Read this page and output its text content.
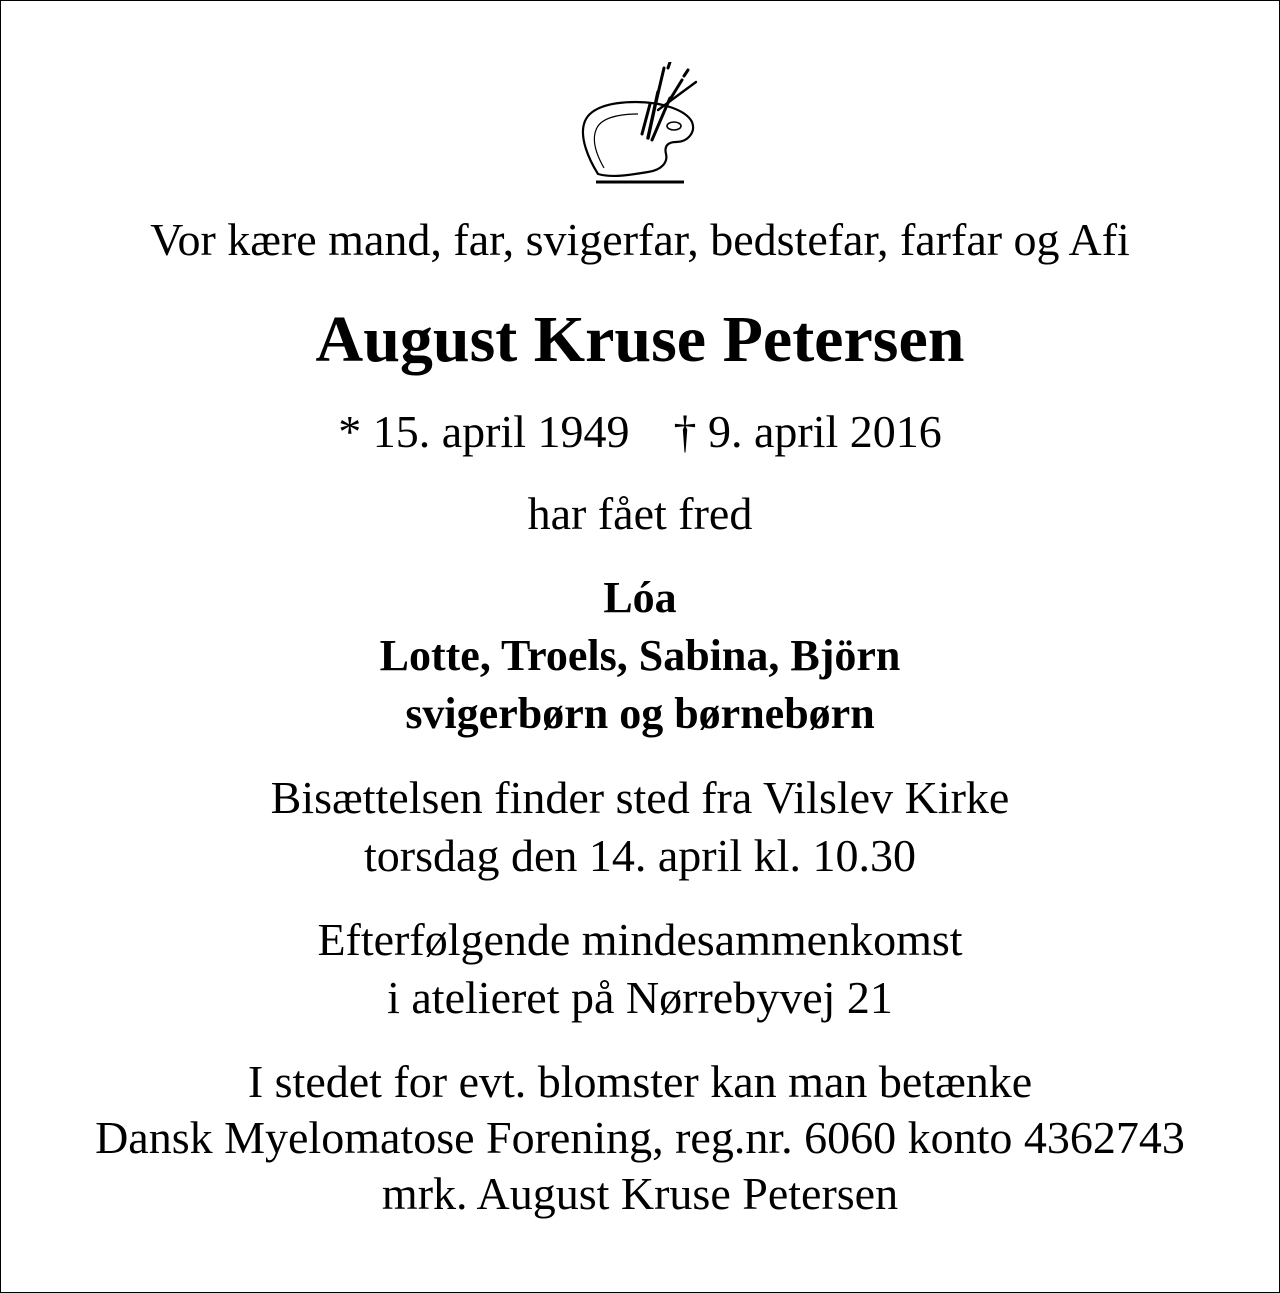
Vor kære mand, far, svigerfar, bedstefar, farfar og Afi
August Kruse Petersen
* 15. april 1949 † 9. april 2016
har fået fred
Lóa
Lotte, Troels, Sabina, Björn
svigerbørn og børnebørn
Bisættelsen finder sted fra Vilslev Kirke
torsdag den 14. april kl. 10.30
Efterfølgende mindesammenkomst
i atelieret på Nørrebyvej 21
I stedet for evt. blomster kan man betænke
Dansk Myelomatose Forening, reg.nr. 6060 konto 4362743
mrk. August Kruse Petersen
